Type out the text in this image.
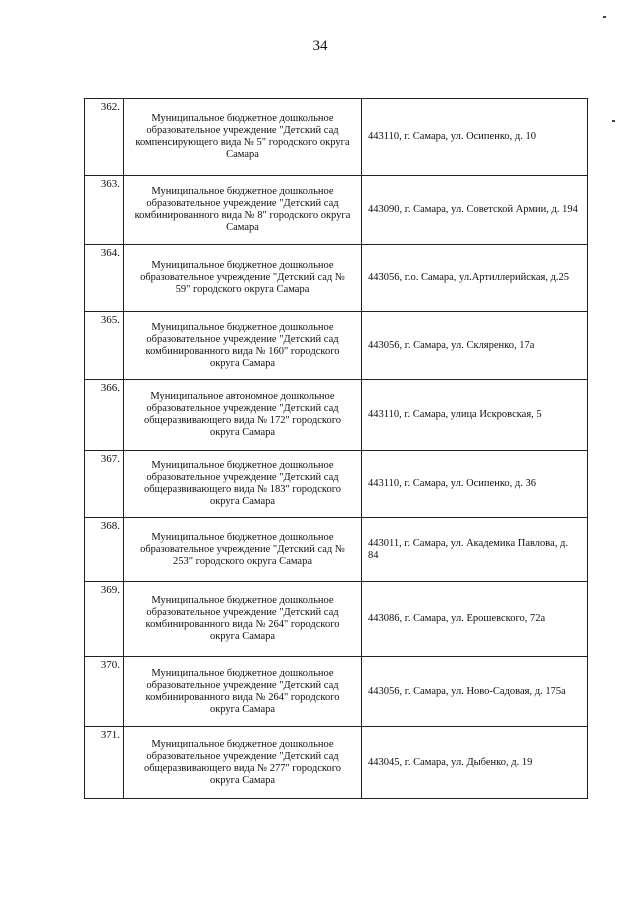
34
362.	Муниципальное бюджетное дошкольное образовательное учреждение "Детский сад компенсирующего вида № 5" городского округа Самара	443110, г. Самара, ул. Осипенко, д. 10
363.	Муниципальное бюджетное дошкольное образовательное учреждение "Детский сад комбинированного вида № 8" городского округа Самара	443090, г. Самара, ул. Советской Армии, д. 194
364.	Муниципальное бюджетное дошкольное образовательное учреждение "Детский сад № 59" городского округа Самара	443056, г.о. Самара, ул.Артиллерийская, д.25
365.	Муниципальное бюджетное дошкольное образовательное учреждение "Детский сад комбинированного вида № 160" городского округа Самара	443056, г. Самара, ул. Скляренко, 17а
366.	Муниципальное автономное дошкольное образовательное учреждение "Детский сад общеразвивающего вида № 172" городского округа Самара	443110, г. Самара, улица Искровская, 5
367.	Муниципальное бюджетное дошкольное образовательное учреждение "Детский сад общеразвивающего вида № 183" городского округа Самара	443110, г. Самара, ул. Осипенко, д. 36
368.	Муниципальное бюджетное дошкольное образовательное учреждение "Детский сад № 253" городского округа Самара	443011, г. Самара, ул. Академика Павлова, д. 84
369.	Муниципальное бюджетное дошкольное образовательное учреждение "Детский сад комбинированного вида № 264" городского округа Самара	443086, г. Самара, ул. Ерошевского, 72а
370.	Муниципальное бюджетное дошкольное образовательное учреждение "Детский сад комбинированного вида № 264" городского округа Самара	443056, г. Самара, ул. Ново-Садовая, д. 175а
371.	Муниципальное бюджетное дошкольное образовательное учреждение "Детский сад общеразвивающего вида № 277" городского округа Самара	443045, г. Самара, ул. Дыбенко, д. 19
